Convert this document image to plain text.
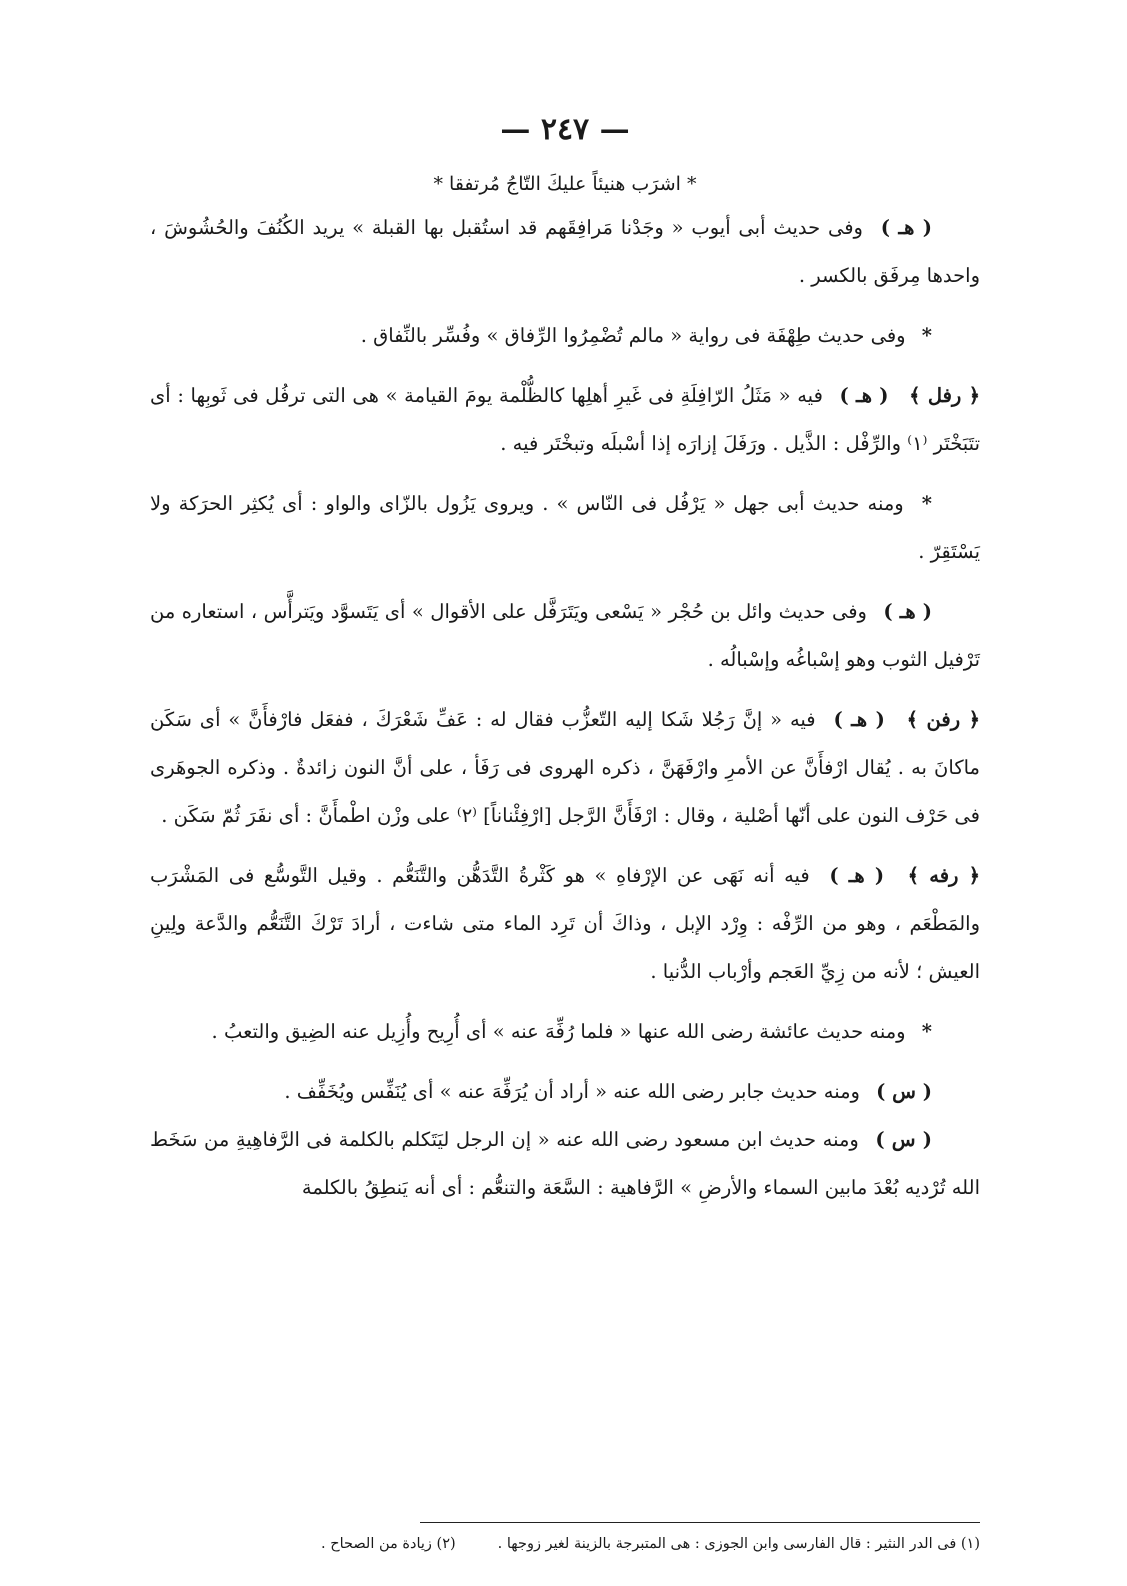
— ٢٤٧ —
* اشرَب هنيئاً عليكَ التّاجُ مُرتفقا *

( هـ ) وفى حديث أبى أيوب « وجَدْنا مَرافِقَهم قد استُقبل بها القبلة » يريد الكُنُفَ والحُشُوشَ ، واحدها مِرفَق بالكسر .

* وفى حديث طِهْفَة فى رواية « مالم تُضْمِرُوا الرِّفاق » وفُسِّر بالنِّفاق .

﴿ رفل ﴾ ( هـ ) فيه « مَثَلُ الرّافِلَةِ فى غَيرِ أهلِها كالظُّلْمة يومَ القيامة » هى التى ترفُل فى ثَوبِها : أى تتَبَخْتَر ⁽١⁾ والرِّفْل : الذَّيل . ورَفَلَ إزارَه إذا أسْبلَه وتبخْتَر فيه .

* ومنه حديث أبى جهل « يَرْفُل فى النّاس » . ويروى يَزُول بالزّاى والواو : أى يُكثِر الحرَكة ولا يَسْتَقِرّ .

( هـ ) وفى حديث وائل بن حُجْر « يَسْعى ويَتَرَفَّل على الأقوال » أى يَتَسوَّد ويَترأَّس ، استعاره من تَرْفيل الثوب وهو إسْباغُه وإسْبالُه .

﴿ رفن ﴾ ( هـ ) فيه « إنَّ رَجُلا شَكا إليه التّعزُّب فقال له : عَفِّ شَعْرَكَ ، ففعَل فارْفأَنَّ » أى سَكَن ماكانَ به . يُقال ارْفأَنَّ عن الأمرِ وارْفَهَنَّ ، ذكره الهروى فى رَفَأ ، على أنَّ النون زائدةٌ . وذكره الجوهَرى فى حَرْف النون على أنّها أصْلية ، وقال : ارْفَأَنَّ الرَّجل [ارْفِئْناناً] ⁽٢⁾ على وزْن اطْمأَنَّ : أى نفَرَ ثُمّ سَكَن .

﴿ رفه ﴾ ( هـ ) فيه أنه نَهَى عن الإرْفاهِ » هو كَثْرةُ التَّدَهُّن والتَّنَعُّم . وقيل التَّوسُّع فى المَشْرَب والمَطْعَم ، وهو من الرِّفْه : وِرْد الإبل ، وذاكَ أن تَرِد الماء متى شاءت ، أرادَ تَرْكَ التَّنَعُّم والدَّعة ولِينِ العيش ؛ لأنه من زِيِّ العَجم وأرْباب الدُّنيا .

* ومنه حديث عائشة رضى الله عنها « فلما رُفِّهَ عنه » أى أُرِيح وأُزِيل عنه الضِيق والتعبُ .

( س ) ومنه حديث جابر رضى الله عنه « أراد أن يُرَفِّهَ عنه » أى يُنَفِّس ويُخَفِّف .

( س ) ومنه حديث ابن مسعود رضى الله عنه « إن الرجل ليَتَكلم بالكلمة فى الرَّفاهِيةِ من سَخَط الله تُرْديه بُعْدَ مابين السماء والأرضِ » الرَّفاهية : السَّعَة والتنعُّم : أى أنه يَنطِقُ بالكلمة

(١) فى الدر النثير : قال الفارسى وابن الجوزى : هى المتبرجة بالزينة لغير زوجها .
(٢) زيادة من الصحاح .
